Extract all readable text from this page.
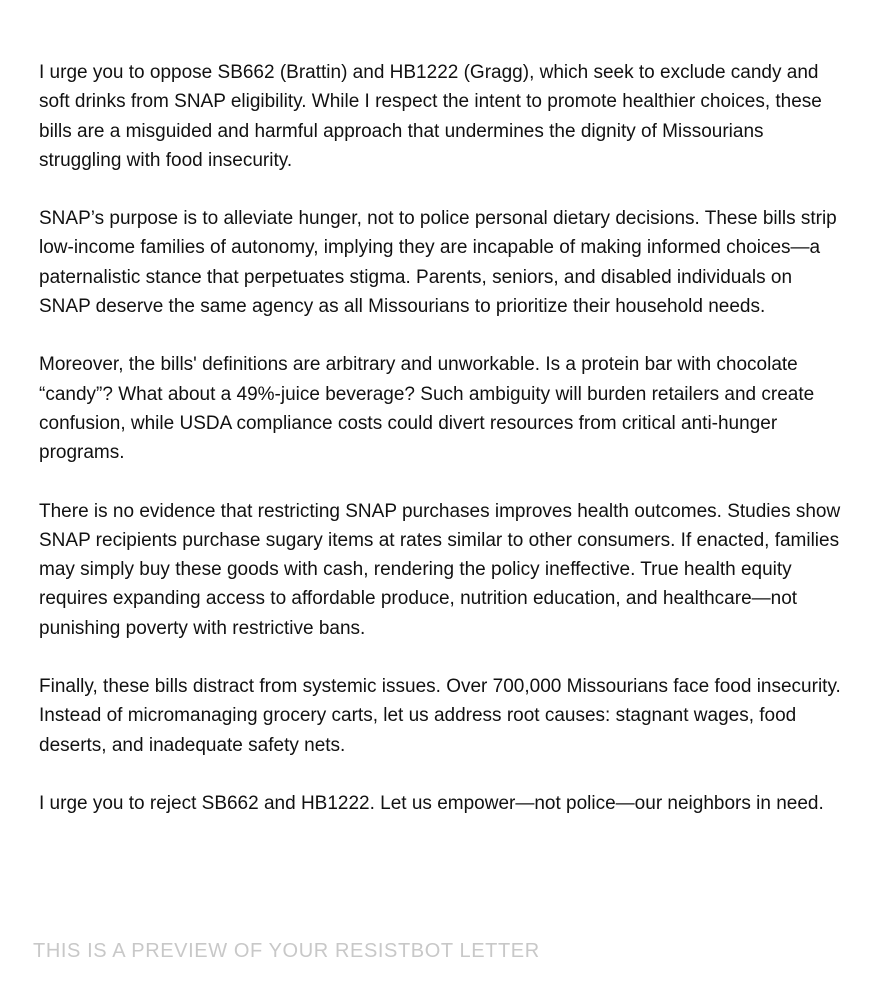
I urge you to oppose SB662 (Brattin) and HB1222 (Gragg), which seek to exclude candy and soft drinks from SNAP eligibility. While I respect the intent to promote healthier choices, these bills are a misguided and harmful approach that undermines the dignity of Missourians struggling with food insecurity.

SNAP’s purpose is to alleviate hunger, not to police personal dietary decisions. These bills strip low-income families of autonomy, implying they are incapable of making informed choices—a paternalistic stance that perpetuates stigma. Parents, seniors, and disabled individuals on SNAP deserve the same agency as all Missourians to prioritize their household needs.

Moreover, the bills' definitions are arbitrary and unworkable. Is a protein bar with chocolate “candy”? What about a 49%-juice beverage? Such ambiguity will burden retailers and create confusion, while USDA compliance costs could divert resources from critical anti-hunger programs.

There is no evidence that restricting SNAP purchases improves health outcomes. Studies show SNAP recipients purchase sugary items at rates similar to other consumers. If enacted, families may simply buy these goods with cash, rendering the policy ineffective. True health equity requires expanding access to affordable produce, nutrition education, and healthcare—not punishing poverty with restrictive bans.

Finally, these bills distract from systemic issues. Over 700,000 Missourians face food insecurity. Instead of micromanaging grocery carts, let us address root causes: stagnant wages, food deserts, and inadequate safety nets.

I urge you to reject SB662 and HB1222. Let us empower—not police—our neighbors in need.

THIS IS A PREVIEW OF YOUR RESISTBOT LETTER
